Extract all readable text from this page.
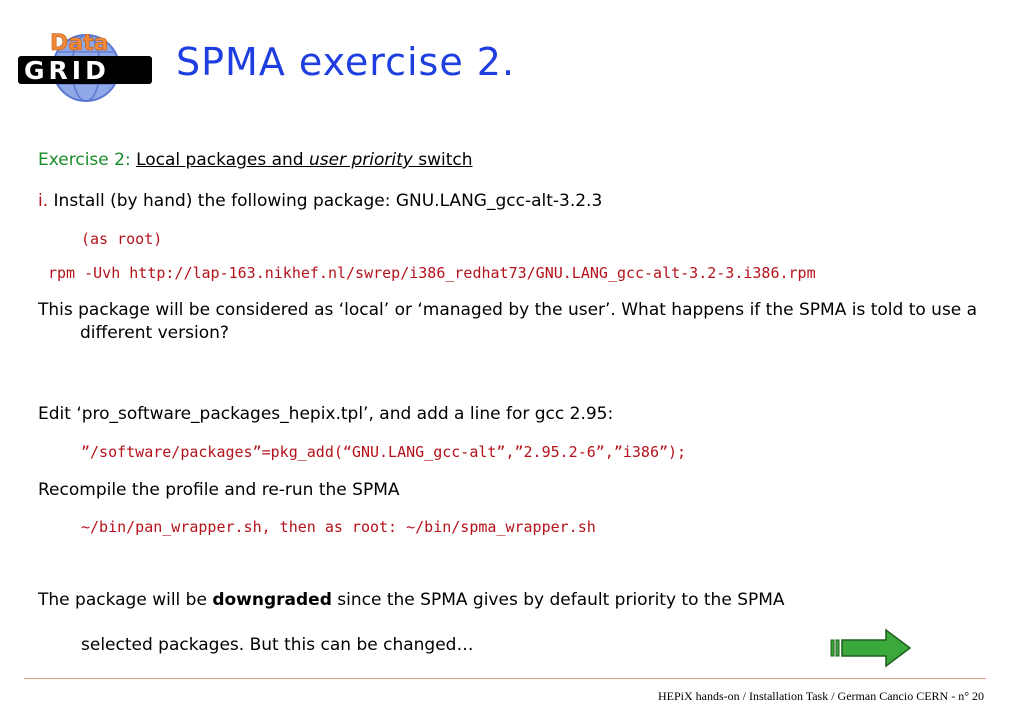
Data
GRID SPMA exercise 2.
Exercise 2: Local packages and user priority switch
i. Install (by hand) the following package: GNU.LANG_gcc-alt-3.2.3
(as root)
rpm -Uvh http://lap-163.nikhef.nl/swrep/i386_redhat73/GNU.LANG_gcc-alt-3.2-3.i386.rpm
This package will be considered as ‘local’ or ‘managed by the user’. What happens if the SPMA is told to use a different version?
Edit ‘pro_software_packages_hepix.tpl’, and add a line for gcc 2.95:
”/software/packages”=pkg_add(“GNU.LANG_gcc-alt”,”2.95.2-6”,”i386”);
Recompile the profile and re-run the SPMA
~/bin/pan_wrapper.sh, then as root: ~/bin/spma_wrapper.sh
The package will be downgraded since the SPMA gives by default priority to the SPMA
selected packages. But this can be changed…
HEPiX hands-on / Installation Task / German Cancio CERN - n° 20
